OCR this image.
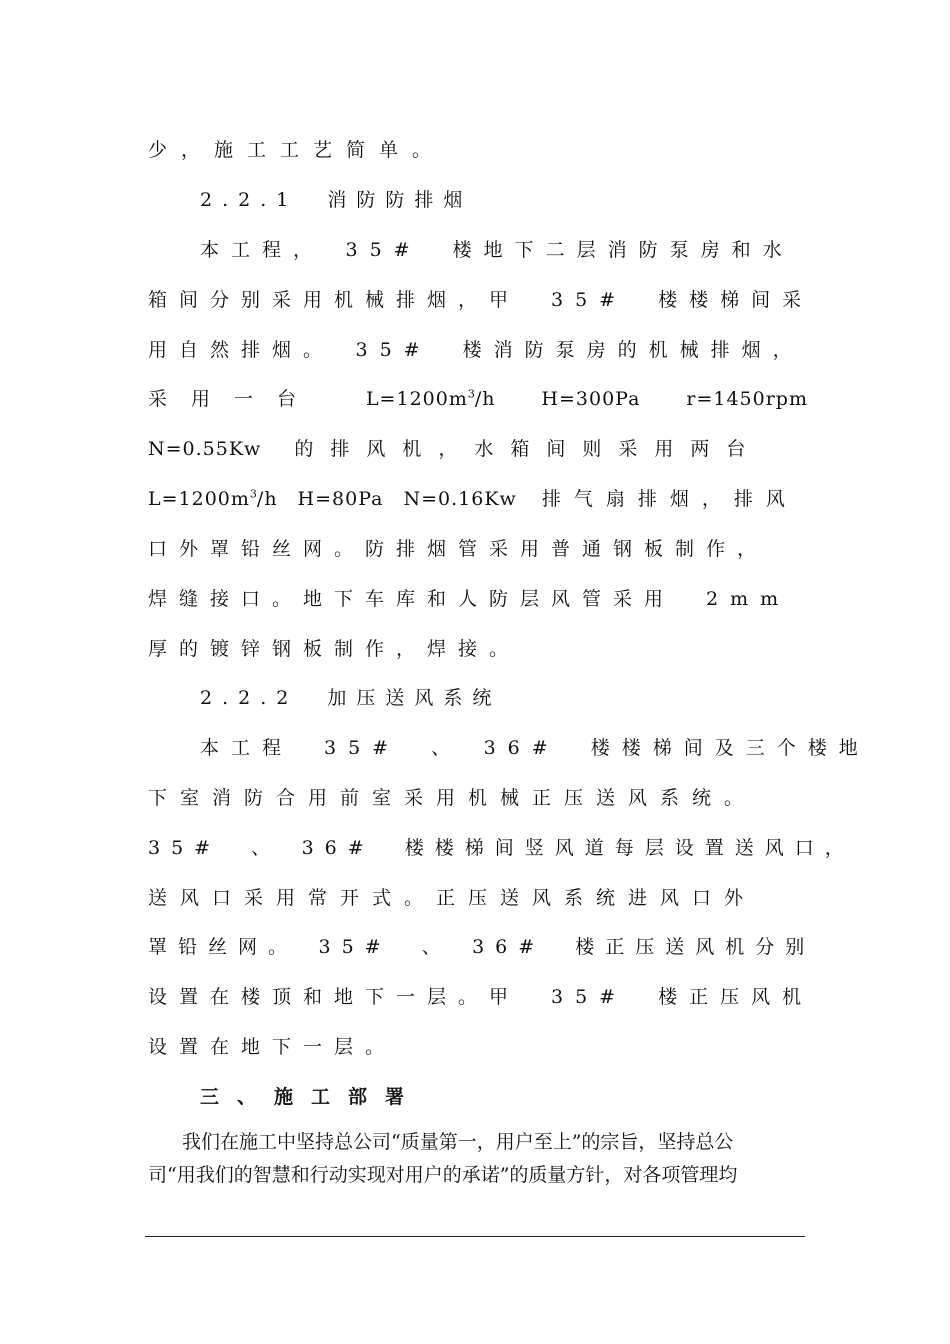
少，施工工艺简单。
2.2.1　消防防排烟
本工程，　35#　楼地下二层消防泵房和水
箱间分别采用机械排烟，甲　35#　楼楼梯间采
用自然排烟。　35#　楼消防泵房的机械排烟，
采用一台 $L=1200m^3/h$ H=300Pa r=1450rpm
N=0.55Kw 的排风机，水箱间则采用两台
$L=1200m^3/h$　H=80Pa　N=0.16Kw 排气扇排烟，排风
口外罩铅丝网。防排烟管采用普通钢板制作，
焊缝接口。地下车库和人防层风管采用　2mm
厚的镀锌钢板制作，焊接。
2.2.2　加压送风系统
本工程　35#　、　36#　楼楼梯间及三个楼地
下室消防合用前室采用机械正压送风系统。
35#　、　36#　楼楼梯间竖风道每层设置送风口，
送风口采用常开式。正压送风系统进风口外
罩铅丝网。　35#　、　36#　楼正压送风机分别
设置在楼顶和地下一层。甲　35#　楼正压风机
设置在地下一层。
三、施工部署
我们在施工中坚持总公司“质量第一，用户至上”的宗旨，坚持总公
司“用我们的智慧和行动实现对用户的承诺”的质量方针，对各项管理均
